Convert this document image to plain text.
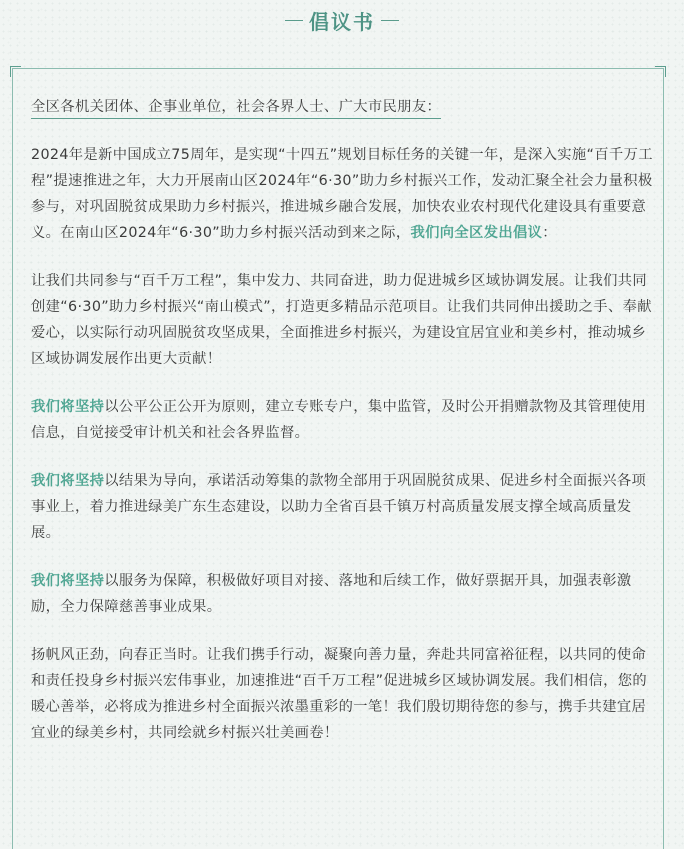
倡议书

全区各机关团体、企事业单位，社会各界人士、广大市民朋友：

2024年是新中国成立75周年，是实现“十四五”规划目标任务的关键一年，是深入实施“百千万工程”提速推进之年，大力开展南山区2024年“6·30”助力乡村振兴工作，发动汇聚全社会力量积极参与，对巩固脱贫成果助力乡村振兴，推进城乡融合发展，加快农业农村现代化建设具有重要意义。在南山区2024年“6·30”助力乡村振兴活动到来之际，我们向全区发出倡议：

让我们共同参与“百千万工程”，集中发力、共同奋进，助力促进城乡区域协调发展。让我们共同创建“6·30”助力乡村振兴“南山模式”，打造更多精品示范项目。让我们共同伸出援助之手、奉献爱心，以实际行动巩固脱贫攻坚成果，全面推进乡村振兴，为建设宜居宜业和美乡村，推动城乡区域协调发展作出更大贡献！

我们将坚持以公平公正公开为原则，建立专账专户，集中监管，及时公开捐赠款物及其管理使用信息，自觉接受审计机关和社会各界监督。

我们将坚持以结果为导向，承诺活动筹集的款物全部用于巩固脱贫成果、促进乡村全面振兴各项事业上，着力推进绿美广东生态建设，以助力全省百县千镇万村高质量发展支撑全域高质量发展。

我们将坚持以服务为保障，积极做好项目对接、落地和后续工作，做好票据开具，加强表彰激励，全力保障慈善事业成果。

扬帆风正劲，向春正当时。让我们携手行动，凝聚向善力量，奔赴共同富裕征程，以共同的使命和责任投身乡村振兴宏伟事业，加速推进“百千万工程”促进城乡区域协调发展。我们相信，您的暖心善举，必将成为推进乡村全面振兴浓墨重彩的一笔！我们殷切期待您的参与，携手共建宜居宜业的绿美乡村，共同绘就乡村振兴壮美画卷！
